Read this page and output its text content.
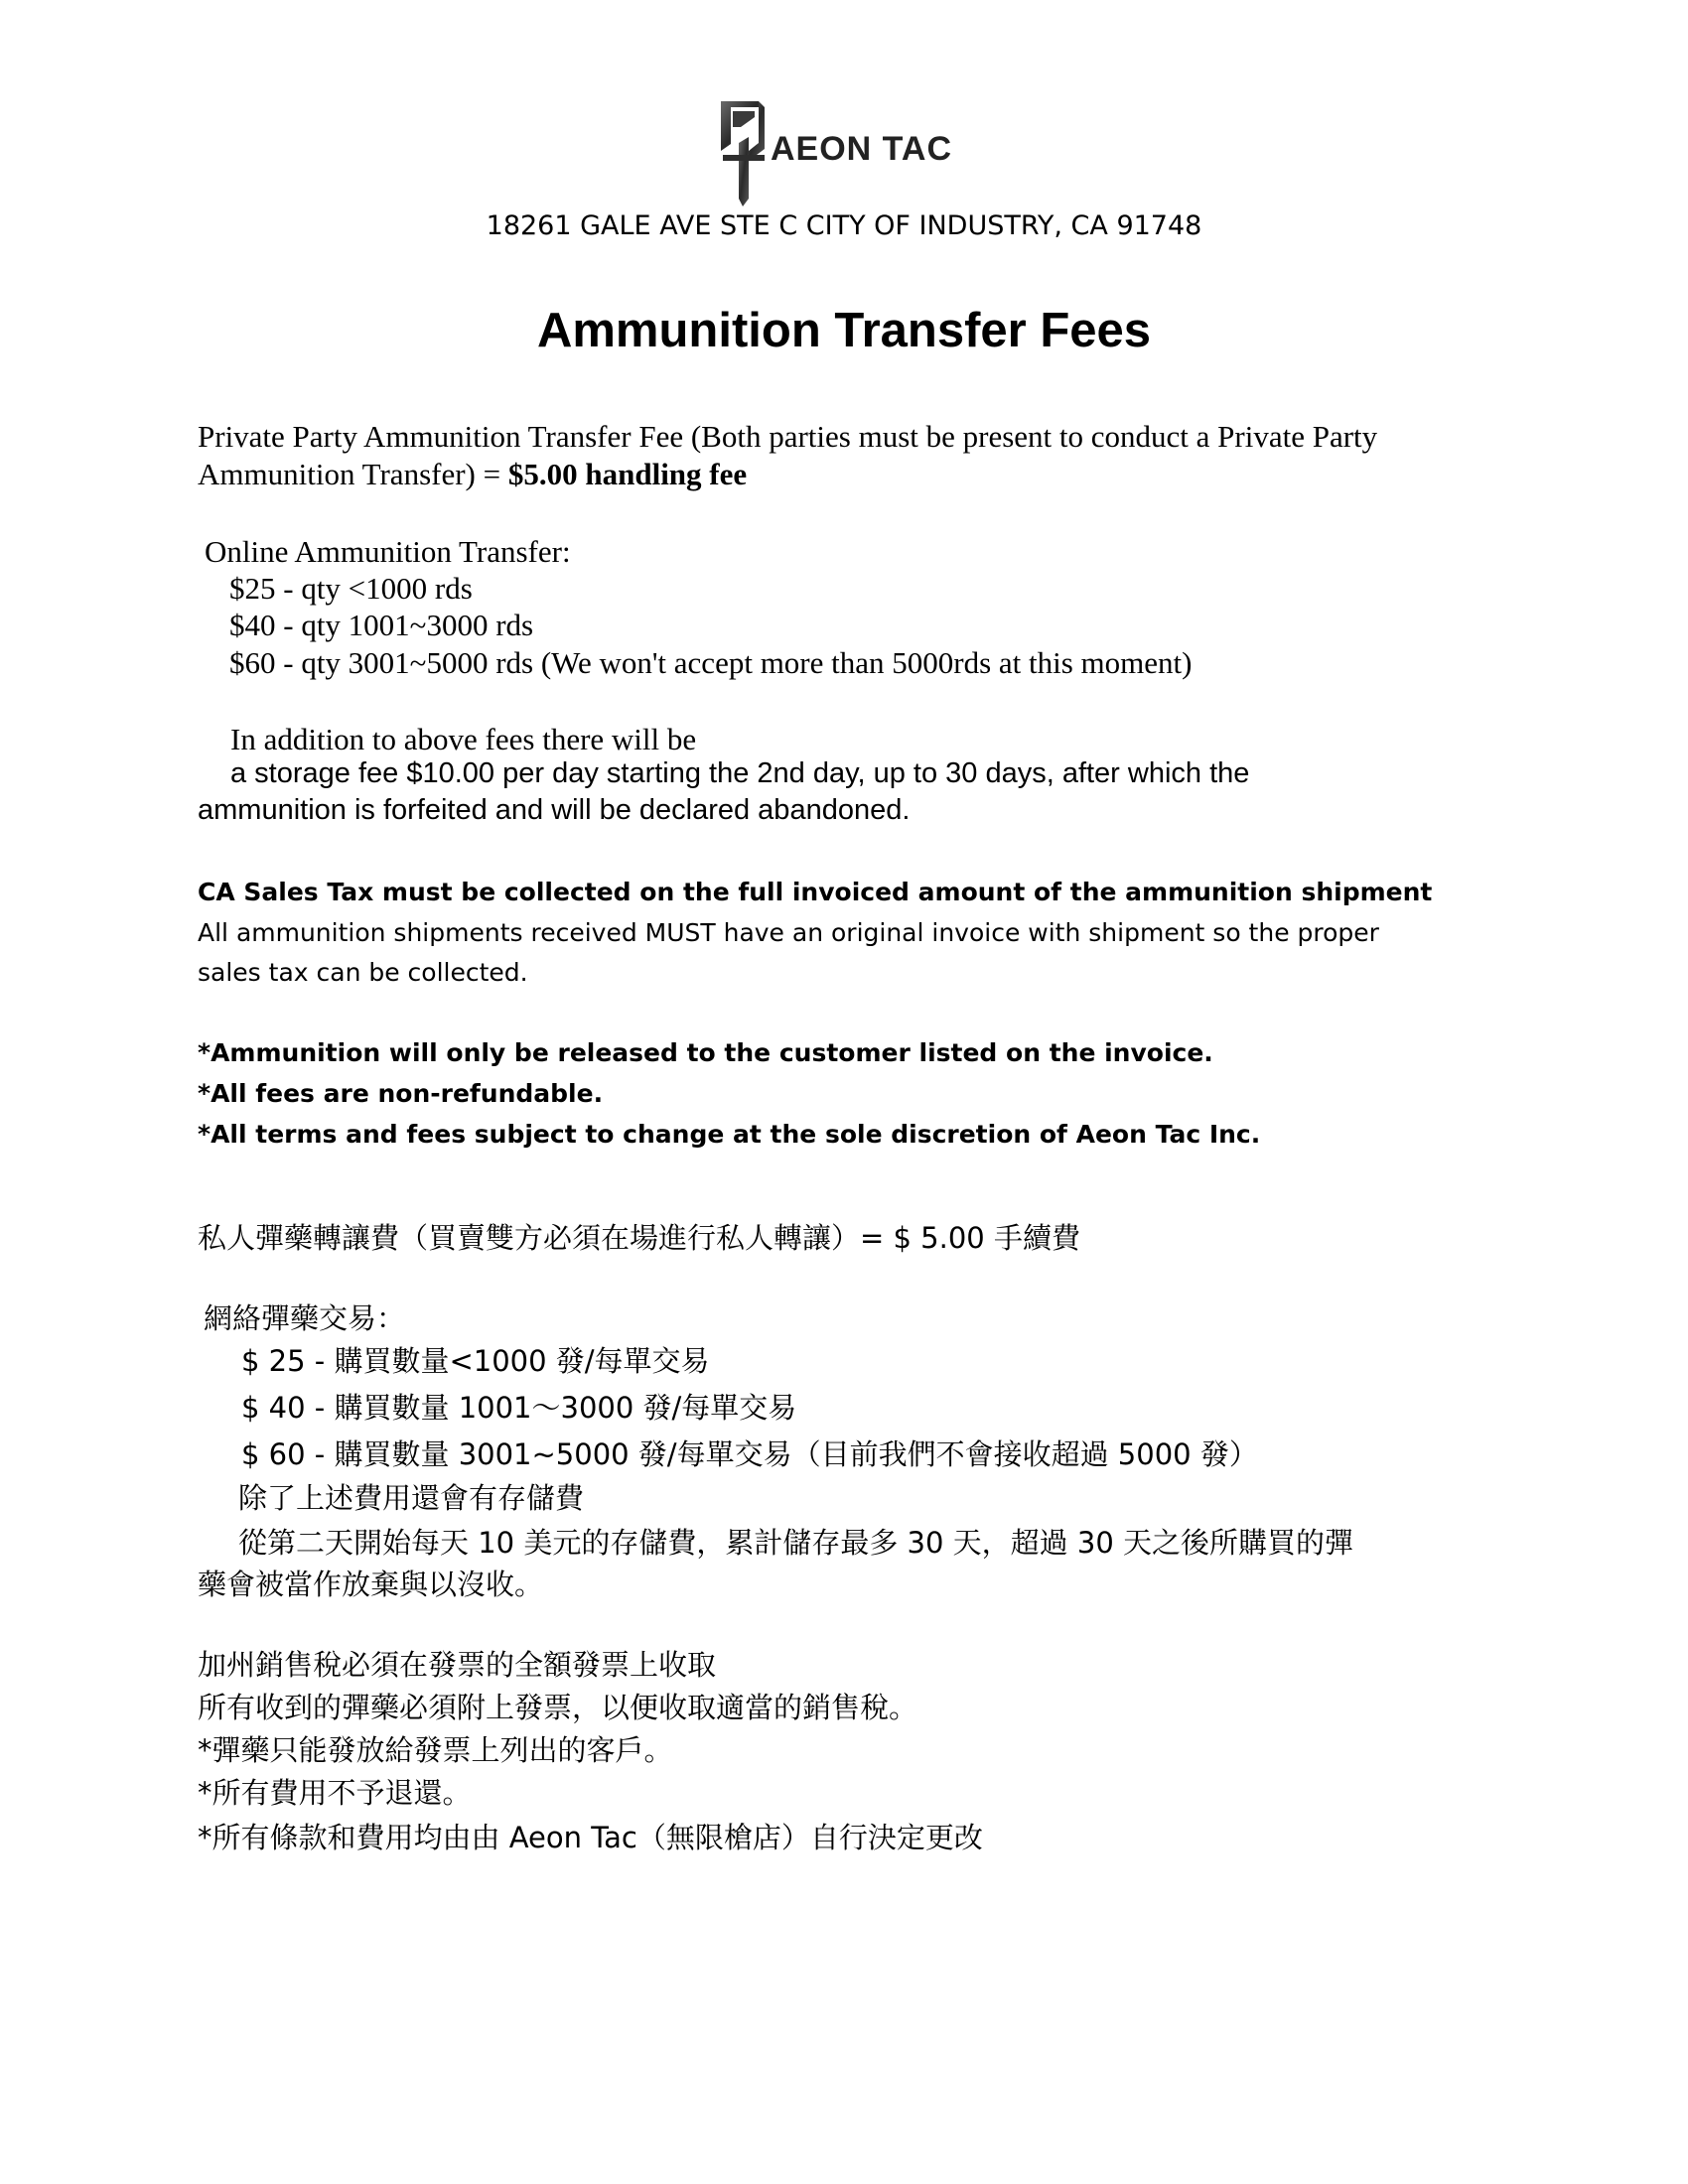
AEON TAC
18261 GALE AVE STE C CITY OF INDUSTRY, CA 91748
Ammunition Transfer Fees
Private Party Ammunition Transfer Fee (Both parties must be present to conduct a Private Party
Ammunition Transfer) = $5.00 handling fee
Online Ammunition Transfer:
$25 - qty <1000 rds
$40 - qty 1001~3000 rds
$60 - qty 3001~5000 rds (We won't accept more than 5000rds at this moment)
In addition to above fees there will be
a storage fee $10.00 per day starting the 2nd day, up to 30 days, after which the
ammunition is forfeited and will be declared abandoned.
CA Sales Tax must be collected on the full invoiced amount of the ammunition shipment
All ammunition shipments received MUST have an original invoice with shipment so the proper
sales tax can be collected.
*Ammunition will only be released to the customer listed on the invoice.
*All fees are non-refundable.
*All terms and fees subject to change at the sole discretion of Aeon Tac Inc.
私人彈藥轉讓費（買賣雙方必須在場進行私人轉讓）= $ 5.00 手續費
網絡彈藥交易：
$ 25 - 購買數量<1000 發/每單交易
$ 40 - 購買數量 1001～3000 發/每單交易
$ 60 - 購買數量 3001~5000 發/每單交易（目前我們不會接收超過 5000 發）
除了上述費用還會有存儲費
從第二天開始每天 10 美元的存儲費，累計儲存最多 30 天，超過 30 天之後所購買的彈
藥會被當作放棄與以沒收。
加州銷售稅必須在發票的全額發票上收取
所有收到的彈藥必須附上發票，以便收取適當的銷售稅。
*彈藥只能發放給發票上列出的客戶。
*所有費用不予退還。
*所有條款和費用均由由 Aeon Tac（無限槍店）自行決定更改
